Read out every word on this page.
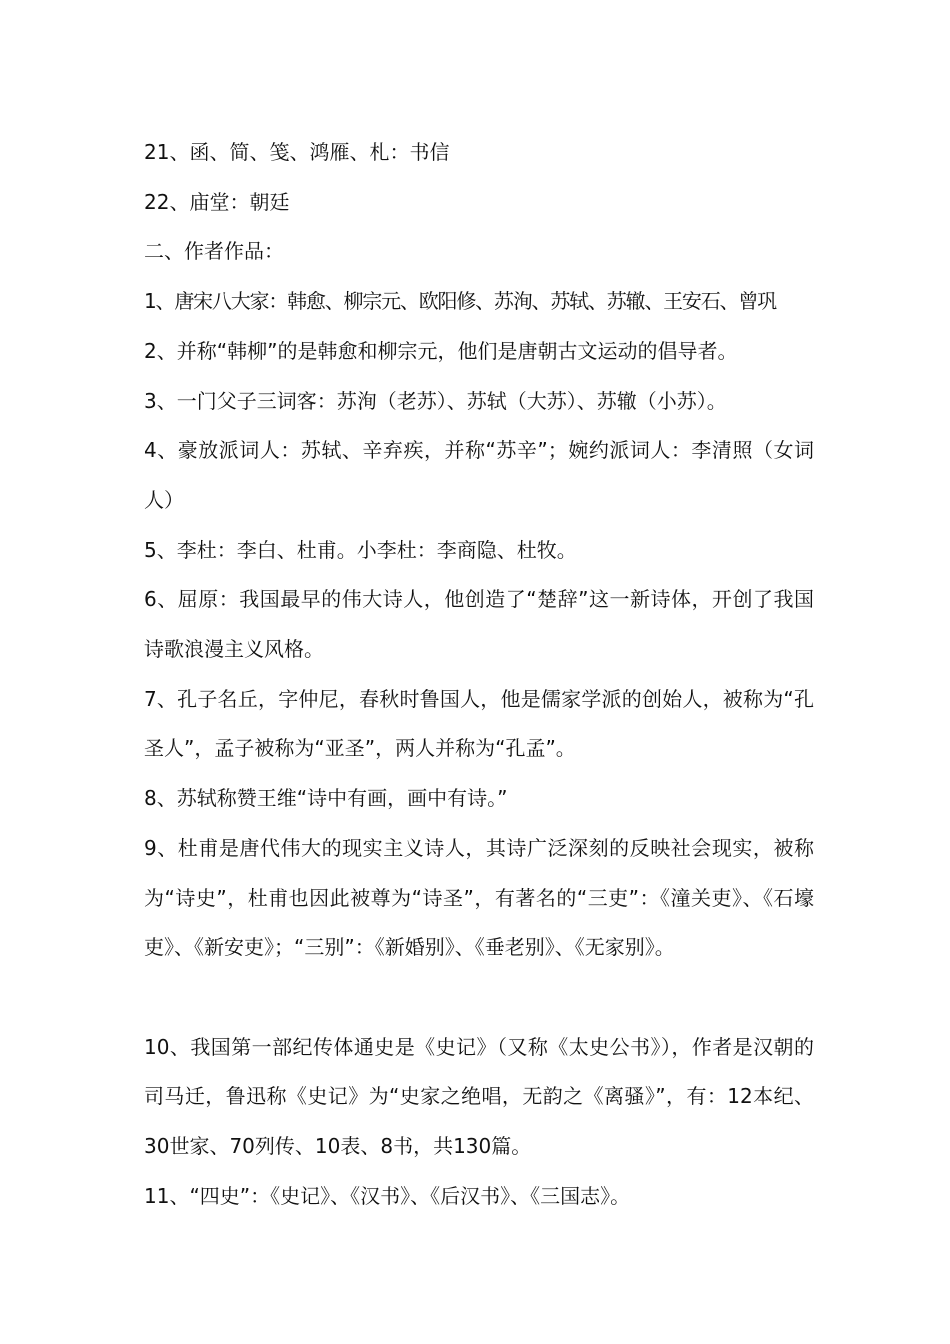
21、函、简、笺、鸿雁、札：书信

22、庙堂：朝廷

二、作者作品：

1、唐宋八大家：韩愈、柳宗元、欧阳修、苏洵、苏轼、苏辙、王安石、曾巩

2、并称“韩柳”的是韩愈和柳宗元，他们是唐朝古文运动的倡导者。

3、一门父子三词客：苏洵（老苏）、苏轼（大苏）、苏辙（小苏）。

4、豪放派词人：苏轼、辛弃疾，并称“苏辛”；婉约派词人：李清照（女词人）

5、李杜：李白、杜甫。小李杜：李商隐、杜牧。

6、屈原：我国最早的伟大诗人，他创造了“楚辞”这一新诗体，开创了我国诗歌浪漫主义风格。

7、孔子名丘，字仲尼，春秋时鲁国人，他是儒家学派的创始人，被称为“孔圣人”，孟子被称为“亚圣”，两人并称为“孔孟”。

8、苏轼称赞王维“诗中有画，画中有诗。”

9、杜甫是唐代伟大的现实主义诗人，其诗广泛深刻的反映社会现实，被称为“诗史”，杜甫也因此被尊为“诗圣”，有著名的“三吏”：《潼关吏》、《石壕吏》、《新安吏》；“三别”：《新婚别》、《垂老别》、《无家别》。

10、我国第一部纪传体通史是《史记》（又称《太史公书》），作者是汉朝的司马迁，鲁迅称《史记》为“史家之绝唱，无韵之《离骚》”，有：12本纪、30世家、70列传、10表、8书，共130篇。

11、“四史”：《史记》、《汉书》、《后汉书》、《三国志》。
